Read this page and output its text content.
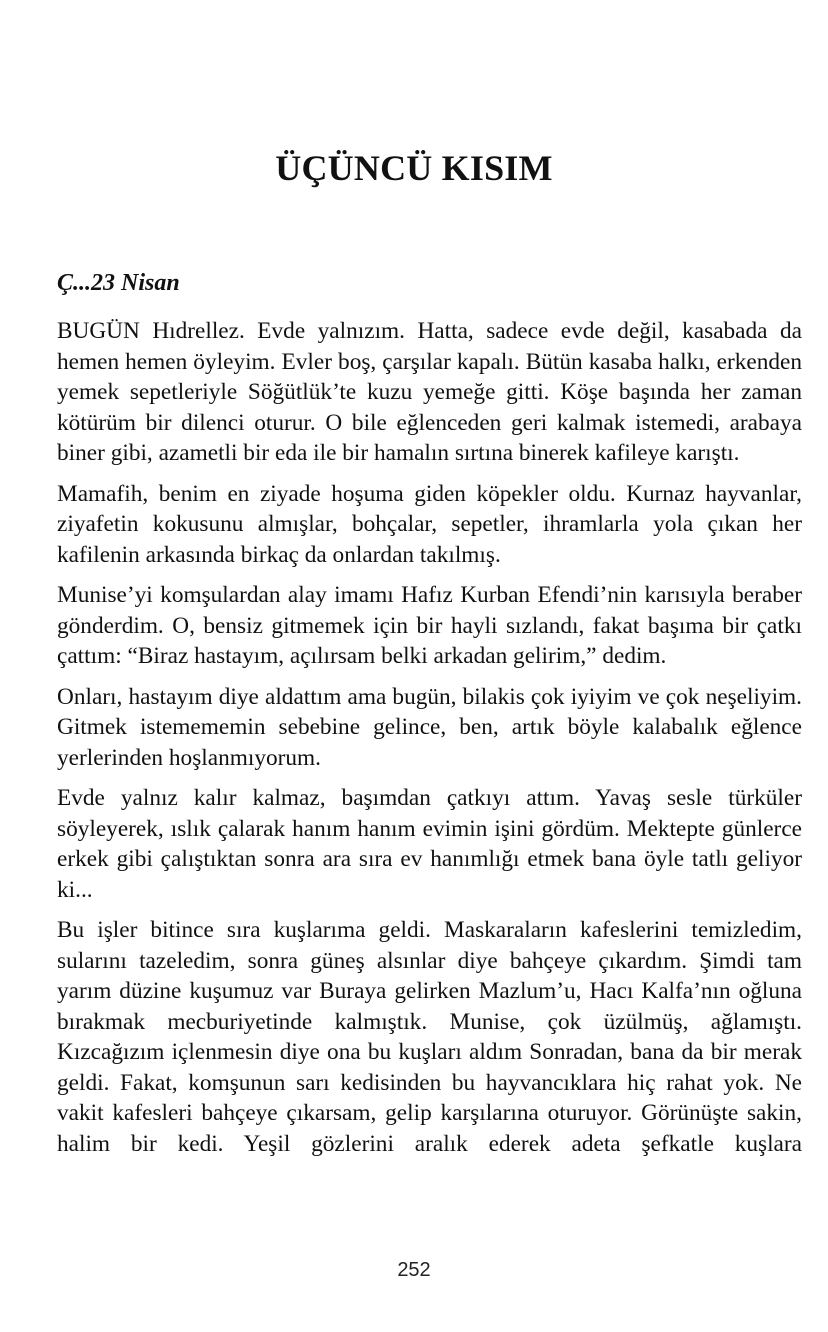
ÜÇÜNCÜ KISIM

Ç...23 Nisan

BUGÜN Hıdrellez. Evde yalnızım. Hatta, sadece evde değil, kasabada da hemen hemen öyleyim. Evler boş, çarşılar kapalı. Bütün kasaba halkı, erkenden yemek sepetleriyle Söğütlük’te kuzu yemeğe gitti. Köşe başında her zaman kötürüm bir dilenci oturur. O bile eğlenceden geri kalmak istemedi, arabaya biner gibi, azametli bir eda ile bir hamalın sırtına binerek kafileye karıştı.

Mamafih, benim en ziyade hoşuma giden köpekler oldu. Kurnaz hayvanlar, ziyafetin kokusunu almışlar, bohçalar, sepetler, ihramlarla yola çıkan her kafilenin arkasında birkaç da onlardan takılmış.

Munise’yi komşulardan alay imamı Hafız Kurban Efendi’nin karısıyla beraber gönderdim. O, bensiz gitmemek için bir hayli sızlandı, fakat başıma bir çatkı çattım: “Biraz hastayım, açılırsam belki arkadan gelirim,” dedim.

Onları, hastayım diye aldattım ama bugün, bilakis çok iyiyim ve çok neşeliyim. Gitmek istemememin sebebine gelince, ben, artık böyle kalabalık eğlence yerlerinden hoşlanmıyorum.

Evde yalnız kalır kalmaz, başımdan çatkıyı attım. Yavaş sesle türküler söyleyerek, ıslık çalarak hanım hanım evimin işini gördüm. Mektepte günlerce erkek gibi çalıştıktan sonra ara sıra ev hanımlığı etmek bana öyle tatlı geliyor ki...

Bu işler bitince sıra kuşlarıma geldi. Maskaraların kafeslerini temizledim, sularını tazeledim, sonra güneş alsınlar diye bahçeye çıkardım. Şimdi tam yarım düzine kuşumuz var Buraya gelirken Mazlum’u, Hacı Kalfa’nın oğluna bırakmak mecburiyetinde kalmıştık. Munise, çok üzülmüş, ağlamıştı. Kızcağızım içlenmesin diye ona bu kuşları aldım Sonradan, bana da bir merak geldi. Fakat, komşunun sarı kedisinden bu hayvancıklara hiç rahat yok. Ne vakit kafesleri bahçeye çıkarsam, gelip karşılarına oturuyor. Görünüşte sakin, halim bir kedi. Yeşil gözlerini aralık ederek adeta şefkatle kuşlara

252
